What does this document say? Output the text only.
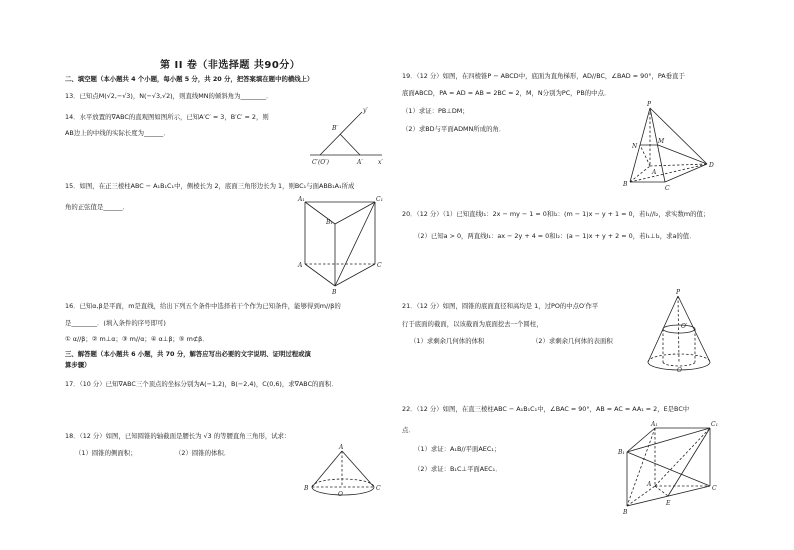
第 II 卷（非选择题 共90分）
二、填空题（本小题共 4 个小题，每小题 5 分，共 20 分，把答案填在题中的横线上）
13．已知点M(√2,−√3)，N(−√3,√2)，则直线MN的倾斜角为________．
14．水平放置的∇ABC的直观图如图所示，已知A′C′ = 3，B′C′ = 2，则
AB边上的中线的实际长度为______．
y′
B′
C′(O′)	A′	x′
15．如图，在正三棱柱ABC − A₁B₁C₁中，侧棱长为 2，底面三角形边长为 1，则BC₁与面ABB₁A₁所成
角的正弦值是______．
A₁	C₁
B₁
A	C
B
16．已知α,β是平面，m是直线，给出下列五个条件中选择若干个作为已知条件，能够得到m//β的
是________．(填入条件的序号即可)
① α//β；② m⊥α；③ m//α；④ α⊥β；⑤ m⊄β．
三、解答题（本小题共 6 小题，共 70 分，解答应写出必要的文字说明、证明过程或演
算步骤）
17．（10 分）已知∇ABC三个顶点的坐标分别为A(−1,2)，B(−2,4)，C(0,6)，求∇ABC的面积．
18．（12 分）如图，已知圆锥的轴截面是腰长为 √3 的等腰直角三角形，试求：
（1）圆锥的侧面积；	（2）圆锥的体积．
A
B	C
O
19．（12 分）如图，在四棱锥P − ABCD中，底面为直角梯形，AD//BC，∠BAD = 90°，PA垂直于
底面ABCD，PA = AD = AB = 2BC = 2，M，N分别为PC，PB的中点．
（1）求证：PB⊥DM；
（2）求BD与平面ADMN所成的角．
P
N
M
A
D
B
C
20．（12 分）（1）已知直线l₁：2x − my − 1 = 0和l₂：(m − 1)x − y + 1 = 0，若l₁//l₂，求实数m的值；
（2）已知a > 0，两直线l₁：ax − 2y + 4 = 0和l₂：(a − 1)x + y + 2 = 0，若l₁⊥l₂，求a的值．
21．（12 分）如图，圆锥的底面直径和高均是 1，过PO的中点O′作平
行于底面的截面，以该截面为底面挖去一个圆柱，
（1）求剩余几何体的体积	（2）求剩余几何体的表面积
P
O′
O
22．（12 分）如图，在直三棱柱ABC − A₁B₁C₁中，∠BAC = 90°，AB = AC = AA₁ = 2，E是BC中
点．
（1）求证：A₁B//平面AEC₁；
（2）求证：B₁C⊥平面AEC₁．
A₁	C₁
B₁
A
E
C
B
